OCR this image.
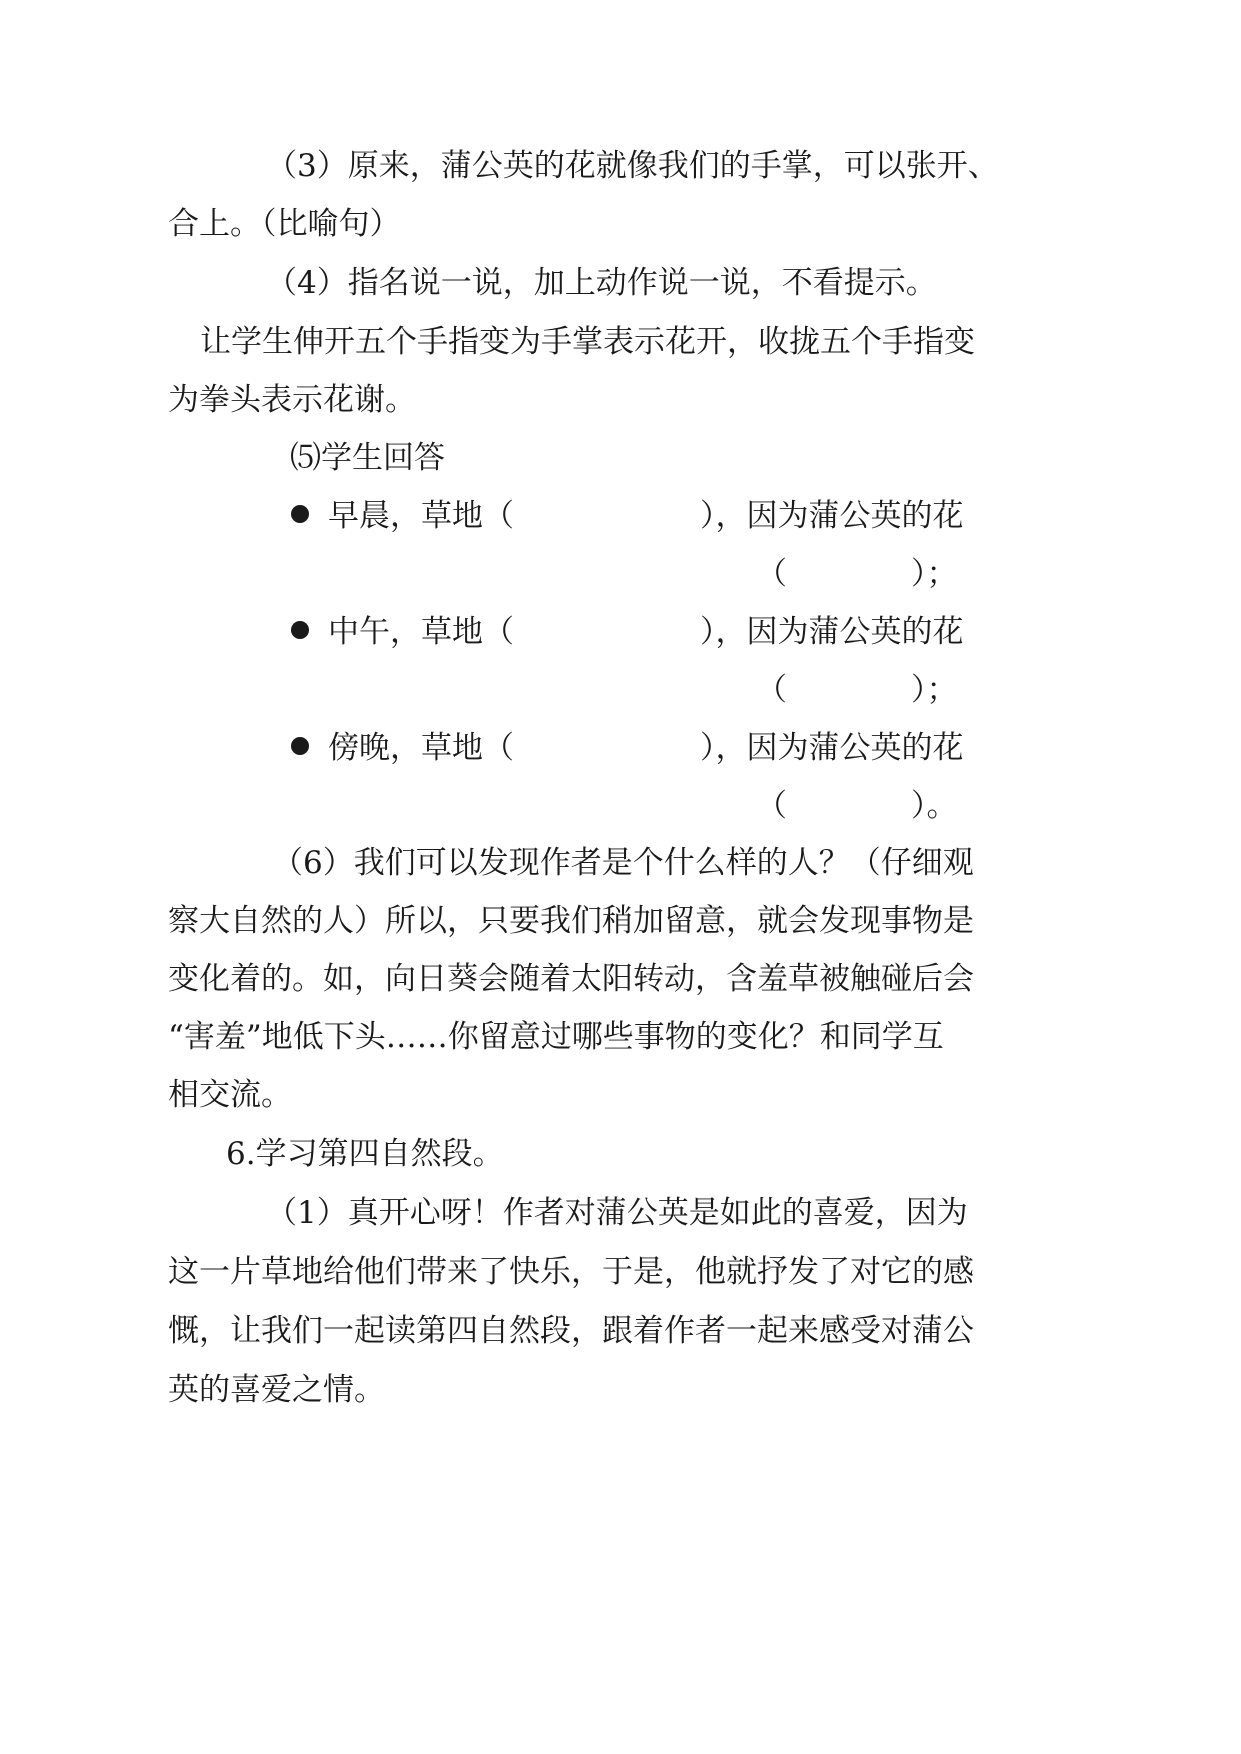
（3）原来，蒲公英的花就像我们的手掌，可以张开、
合上。（比喻句）
（4）指名说一说，加上动作说一说，不看提示。
让学生伸开五个手指变为手掌表示花开，收拢五个手指变
为拳头表示花谢。
⑸学生回答
早晨，草地（　　　　　　），因为蒲公英的花
（　　　　）；
中午，草地（　　　　　　），因为蒲公英的花
（　　　　）；
傍晚，草地（　　　　　　），因为蒲公英的花
（　　　　）。
（6）我们可以发现作者是个什么样的人？（仔细观
察大自然的人）所以，只要我们稍加留意，就会发现事物是
变化着的。如，向日葵会随着太阳转动，含羞草被触碰后会
“害羞”地低下头……你留意过哪些事物的变化？和同学互
相交流。
6.学习第四自然段。
（1）真开心呀！作者对蒲公英是如此的喜爱，因为
这一片草地给他们带来了快乐，于是，他就抒发了对它的感
慨，让我们一起读第四自然段，跟着作者一起来感受对蒲公
英的喜爱之情。
